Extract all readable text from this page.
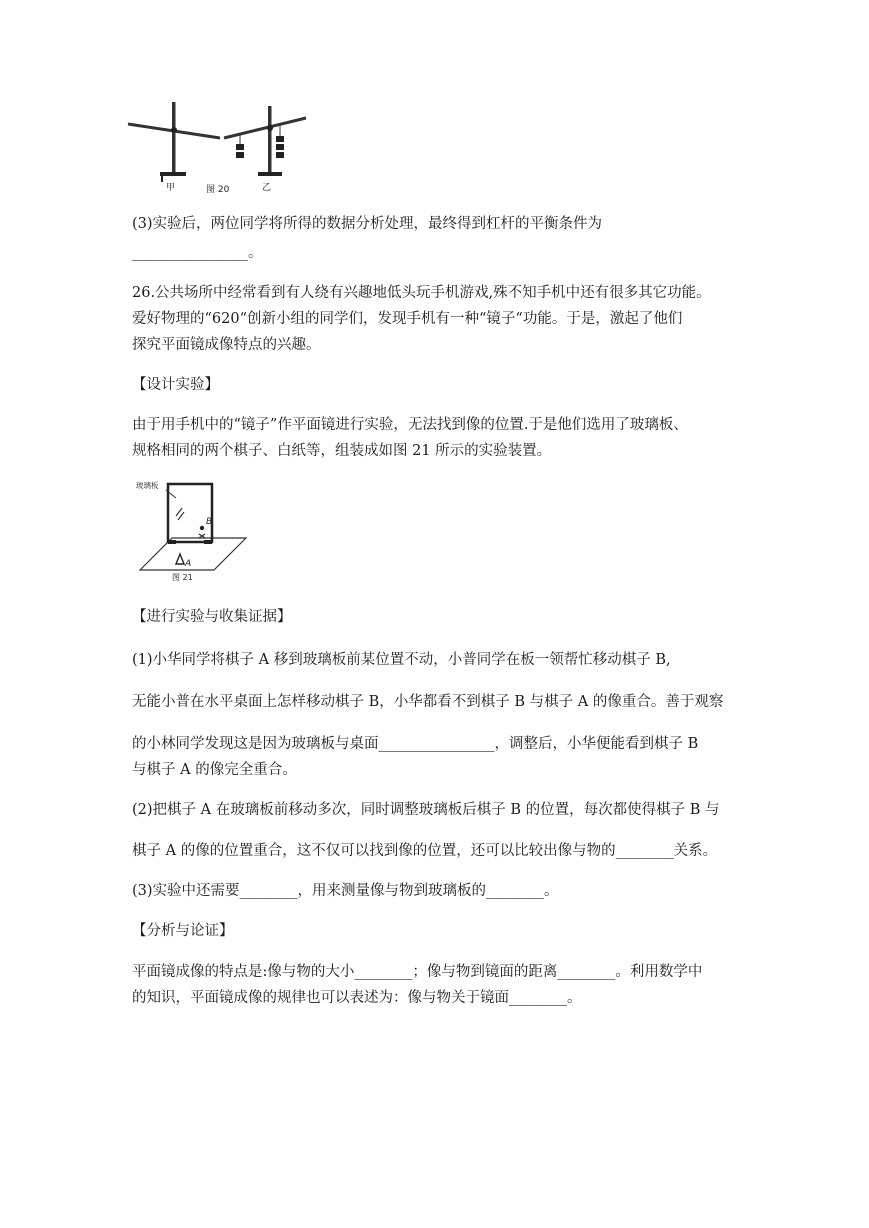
甲	图 20	乙
(3)实验后，两位同学将所得的数据分析处理，最终得到杠杆的平衡条件为
________________。
26.公共场所中经常看到有人绕有兴趣地低头玩手机游戏,殊不知手机中还有很多其它功能。
爱好物理的“620“创新小组的同学们，发现手机有一种“镜子“功能。于是，激起了他们
探究平面镜成像特点的兴趣。
【设计实验】
由于用手机中的“镜子”作平面镜进行实验，无法找到像的位置.于是他们选用了玻璃板、
规格相同的两个棋子、白纸等，组装成如图 21 所示的实验装置。
玻璃板
B
A
图 21
【进行实验与收集证据】
(1)小华同学将棋子 A 移到玻璃板前某位置不动，小普同学在板一领帮忙移动棋子 B,
无能小普在水平桌面上怎样移动棋子 B，小华都看不到棋子 B 与棋子 A 的像重合。善于观察
的小林同学发现这是因为玻璃板与桌面________________，调整后，小华便能看到棋子 B
与棋子 A 的像完全重合。
(2)把棋子 A 在玻璃板前移动多次，同时调整玻璃板后棋子 B 的位置，每次都使得棋子 B 与
棋子 A 的像的位置重合，这不仅可以找到像的位置，还可以比较出像与物的________关系。
(3)实验中还需要________，用来测量像与物到玻璃板的________。
【分析与论证】
平面镜成像的特点是:像与物的大小________；像与物到镜面的距离________。利用数学中
的知识，平面镜成像的规律也可以表述为：像与物关于镜面________。
